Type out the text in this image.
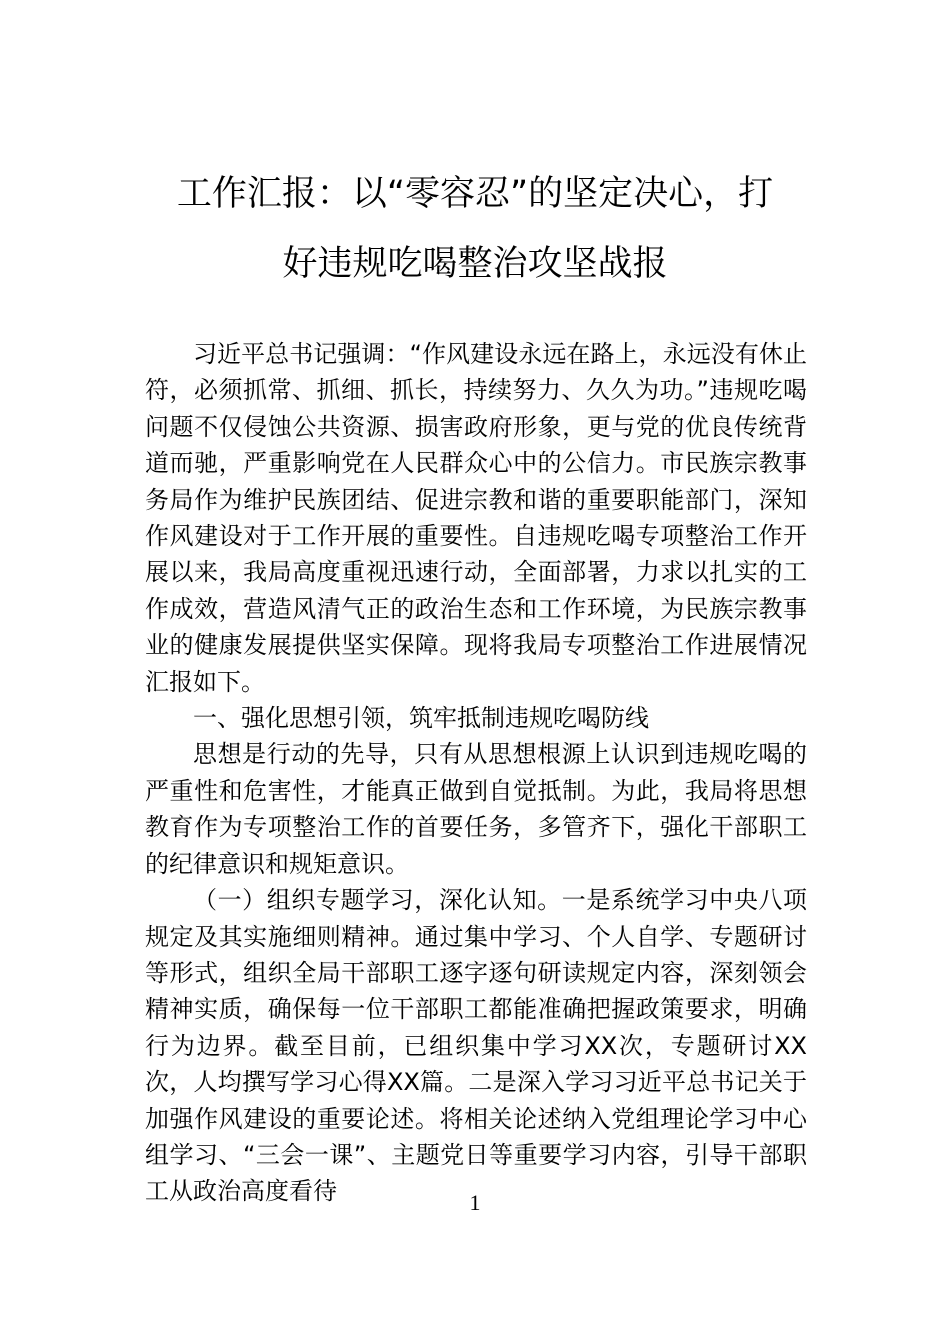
工作汇报：以“零容忍”的坚定决心，打
好违规吃喝整治攻坚战报

习近平总书记强调：“作风建设永远在路上，永远没有休止符，必须抓常、抓细、抓长，持续努力、久久为功。”违规吃喝问题不仅侵蚀公共资源、损害政府形象，更与党的优良传统背道而驰，严重影响党在人民群众心中的公信力。市民族宗教事务局作为维护民族团结、促进宗教和谐的重要职能部门，深知作风建设对于工作开展的重要性。自违规吃喝专项整治工作开展以来，我局高度重视迅速行动，全面部署，力求以扎实的工作成效，营造风清气正的政治生态和工作环境，为民族宗教事业的健康发展提供坚实保障。现将我局专项整治工作进展情况汇报如下。

一、强化思想引领，筑牢抵制违规吃喝防线

思想是行动的先导，只有从思想根源上认识到违规吃喝的严重性和危害性，才能真正做到自觉抵制。为此，我局将思想教育作为专项整治工作的首要任务，多管齐下，强化干部职工的纪律意识和规矩意识。

（一）组织专题学习，深化认知。一是系统学习中央八项规定及其实施细则精神。通过集中学习、个人自学、专题研讨等形式，组织全局干部职工逐字逐句研读规定内容，深刻领会精神实质，确保每一位干部职工都能准确把握政策要求，明确行为边界。截至目前，已组织集中学习XX次，专题研讨XX次，人均撰写学习心得XX篇。二是深入学习习近平总书记关于加强作风建设的重要论述。将相关论述纳入党组理论学习中心组学习、“三会一课”、主题党日等重要学习内容，引导干部职工从政治高度看待	1
